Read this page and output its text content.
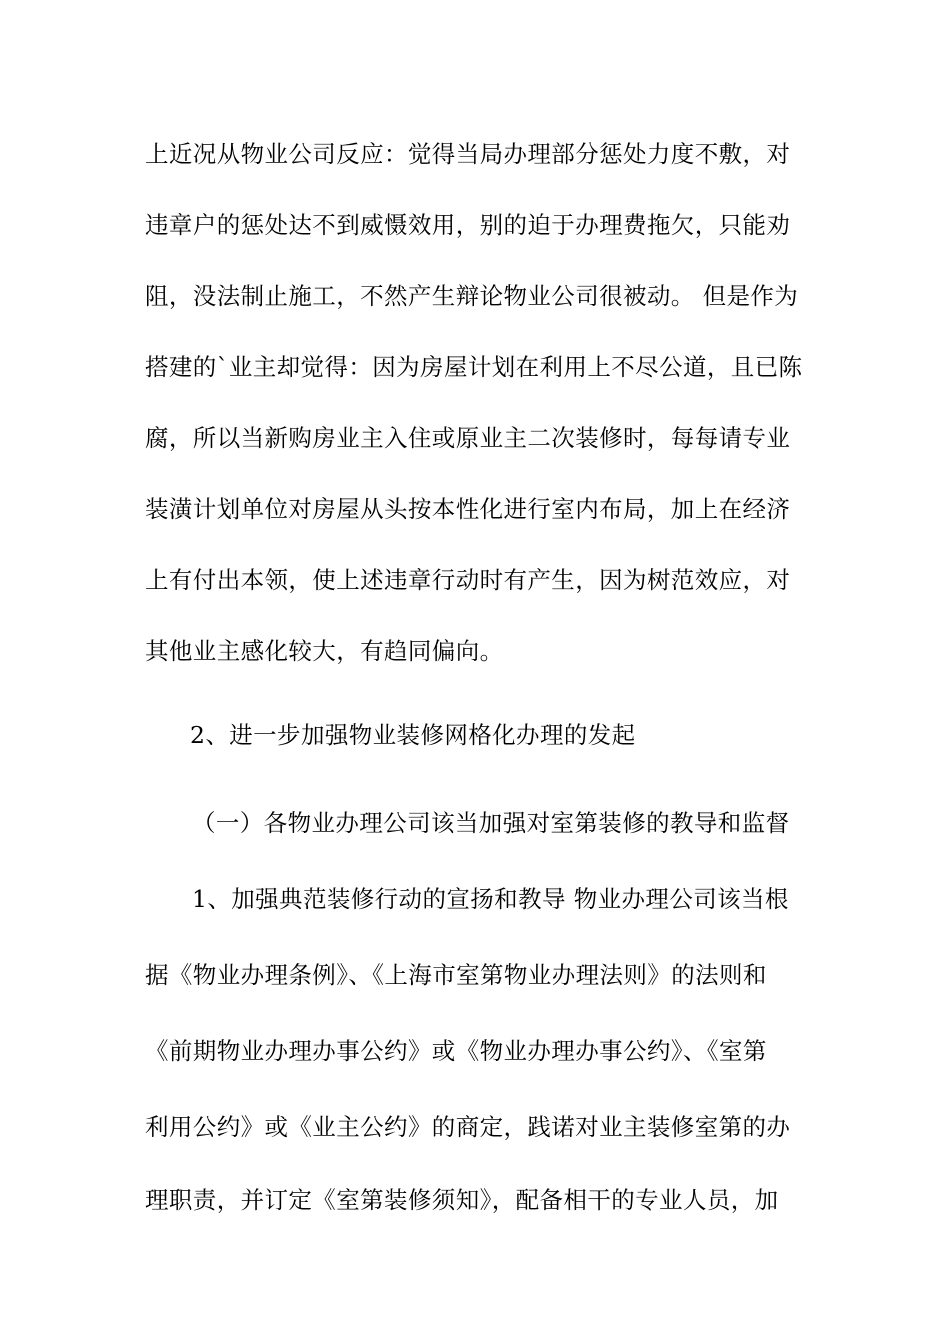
上近况从物业公司反应：觉得当局办理部分惩处力度不敷，对
违章户的惩处达不到威慑效用，别的迫于办理费拖欠，只能劝
阻，没法制止施工，不然产生辩论物业公司很被动。 但是作为
搭建的`业主却觉得：因为房屋计划在利用上不尽公道，且已陈
腐，所以当新购房业主入住或原业主二次装修时，每每请专业
装潢计划单位对房屋从头按本性化进行室内布局，加上在经济
上有付出本领，使上述违章行动时有产生，因为树范效应，对
其他业主感化较大，有趋同偏向。
2、进一步加强物业装修网格化办理的发起
（一）各物业办理公司该当加强对室第装修的教导和监督
1、加强典范装修行动的宣扬和教导 物业办理公司该当根
据《物业办理条例》、《上海市室第物业办理法则》的法则和
《前期物业办理办事公约》或《物业办理办事公约》、《室第
利用公约》或《业主公约》的商定，践诺对业主装修室第的办
理职责，并订定《室第装修须知》，配备相干的专业人员，加
